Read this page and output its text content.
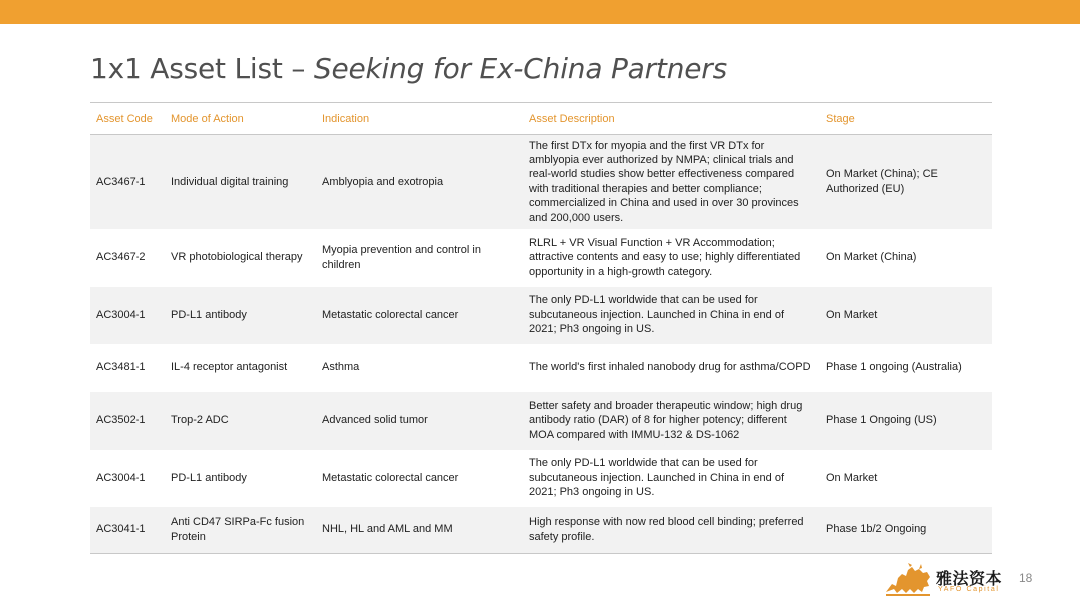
1x1 Asset List – Seeking for Ex-China Partners
Asset Code	Mode of Action	Indication	Asset Description	Stage
AC3467-1	Individual digital training	Amblyopia and exotropia	The first DTx for myopia and the first VR DTx for amblyopia ever authorized by NMPA; clinical trials and real-world studies show better effectiveness compared with traditional therapies and better compliance; commercialized in China and used in over 30 provinces and 200,000 users.	On Market (China); CE Authorized (EU)
AC3467-2	VR photobiological therapy	Myopia prevention and control in children	RLRL + VR Visual Function + VR Accommodation; attractive contents and easy to use; highly differentiated opportunity in a high-growth category.	On Market (China)
AC3004-1	PD-L1 antibody	Metastatic colorectal cancer	The only PD-L1 worldwide that can be used for subcutaneous injection. Launched in China in end of 2021; Ph3 ongoing in US.	On Market
AC3481-1	IL-4 receptor antagonist	Asthma	The world's first inhaled nanobody drug for asthma/COPD	Phase 1 ongoing (Australia)
AC3502-1	Trop-2 ADC	Advanced solid tumor	Better safety and broader therapeutic window; high drug antibody ratio (DAR) of 8 for higher potency; different MOA compared with IMMU-132 & DS-1062	Phase 1 Ongoing (US)
AC3004-1	PD-L1 antibody	Metastatic colorectal cancer	The only PD-L1 worldwide that can be used for subcutaneous injection. Launched in China in end of 2021; Ph3 ongoing in US.	On Market
AC3041-1	Anti CD47 SIRPa-Fc fusion Protein	NHL, HL and AML and MM	High response with now red blood cell binding; preferred safety profile.	Phase 1b/2 Ongoing
雅法资本
YAFO Capital
18
